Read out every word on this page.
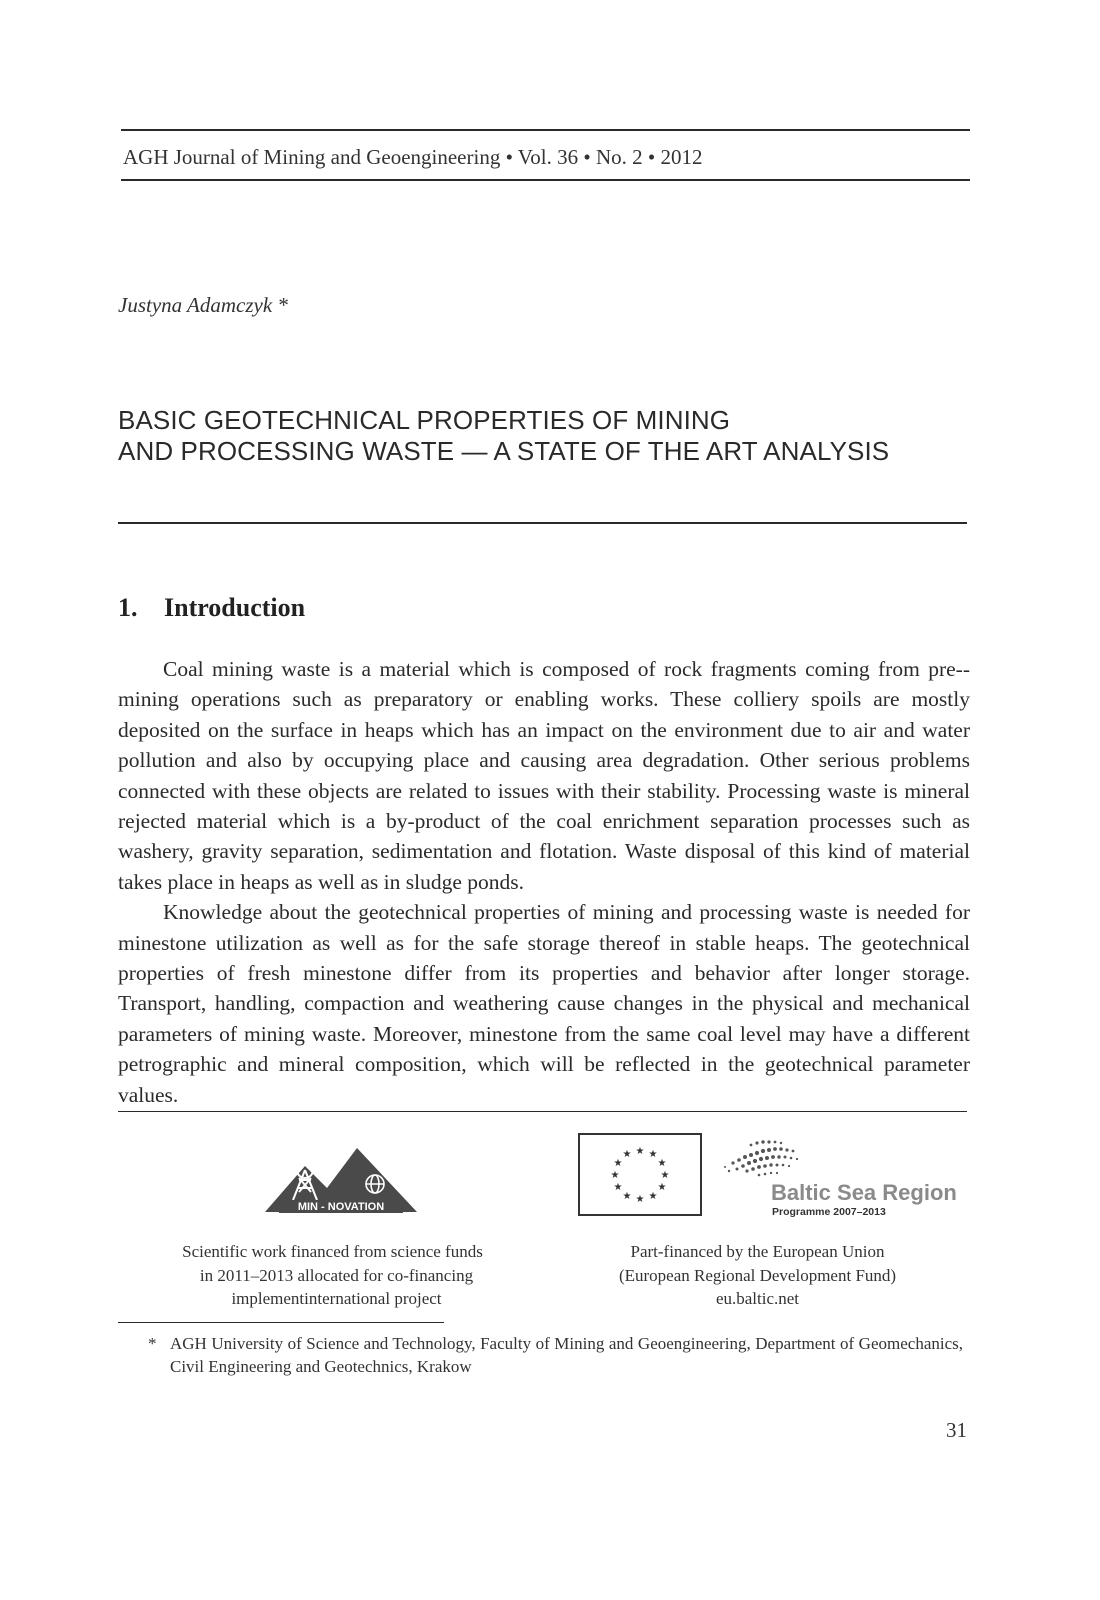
AGH Journal of Mining and Geoengineering • Vol. 36 • No. 2 • 2012
Justyna Adamczyk *
BASIC GEOTECHNICAL PROPERTIES OF MINING
AND PROCESSING WASTE — A STATE OF THE ART ANALYSIS
1. Introduction

Coal mining waste is a material which is composed of rock fragments coming from pre--mining operations such as preparatory or enabling works. These colliery spoils are mostly deposited on the surface in heaps which has an impact on the environment due to air and water pollution and also by occupying place and causing area degradation. Other serious problems connected with these objects are related to issues with their stability. Processing waste is mineral rejected material which is a by-product of the coal enrichment separation processes such as washery, gravity separation, sedimentation and flotation. Waste disposal of this kind of material takes place in heaps as well as in sludge ponds.

Knowledge about the geotechnical properties of mining and processing waste is needed for minestone utilization as well as for the safe storage thereof in stable heaps. The geotechnical properties of fresh minestone differ from its properties and behavior after longer storage. Transport, handling, compaction and weathering cause changes in the physical and mechanical parameters of mining waste. Moreover, minestone from the same coal level may have a different petrographic and mineral composition, which will be reflected in the geotechnical parameter values.

MIN - NOVATION
★ ★
★
★
★
★
★
★
★
★
★
★
Baltic Sea Region
Programme 2007–2013
Scientific work financed from science funds
in 2011–2013 allocated for co-financing
implementinternational project
Part-financed by the European Union
(European Regional Development Fund)
eu.baltic.net
* AGH University of Science and Technology, Faculty of Mining and Geoengineering, Department of Geomechanics, Civil Engineering and Geotechnics, Krakow
31
